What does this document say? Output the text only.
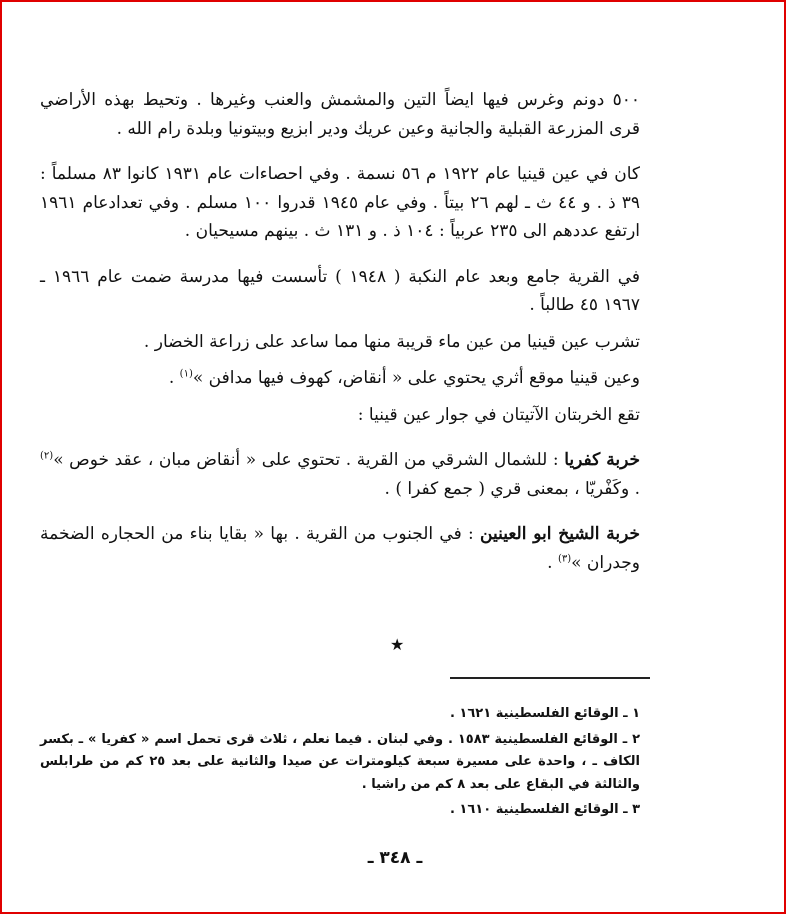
٥٠٠ دونم وغرس فيها ايضاً التين والمشمش والعنب وغيرها . وتحيط بهذه الأراضي قرى المزرعة القبلية والجانية وعين عريك ودير ابزيع وبيتونيا وبلدة رام الله .

كان في عين قينيا عام ١٩٢٢ م ٥٦ نسمة . وفي احصاءات عام ١٩٣١ كانوا ٨٣ مسلماً : ٣٩ ذ . و ٤٤ ث ـ لهم ٢٦ بيتاً . وفي عام ١٩٤٥ قدروا ١٠٠ مسلم . وفي تعدادعام ١٩٦١ ارتفع عددهم الى ٢٣٥ عربياً : ١٠٤ ذ . و ١٣١ ث . بينهم مسيحيان .

في القرية جامع وبعد عام النكبة ( ١٩٤٨ ) تأسست فيها مدرسة ضمت عام ١٩٦٦ ـ ١٩٦٧ ٤٥ طالباً .

تشرب عين قينيا من عين ماء قريبة منها مما ساعد على زراعة الخضار .

وعين قينيا موقع أثري يحتوي على « أنقاض، كهوف فيها مدافن »$^{(١)}$ .

تقع الخربتان الآتيتان في جوار عين قينيا :

خربة كفريا : للشمال الشرقي من القرية . تحتوي على « أنقاض مبان ، عقد خوص »$^{(٢)}$ . وكَفْريّا ، بمعنى قري ( جمع كفرا ) .

خربة الشيخ ابو العينين : في الجنوب من القرية . بها « بقايا بناء من الحجاره الضخمة وجدران »$^{(٣)}$ .

★

١ ـ الوقائع الفلسطينية ١٦٢١ .

٢ ـ الوقائع الفلسطينية ١٥٨٣ . وفي لبنان . فيما نعلم ، ثلاث قرى تحمل اسم « كفريا » ـ بكسر الكاف ـ ، واحدة على مسيرة سبعة كيلومترات عن صيدا والثانية على بعد ٢٥ كم من طرابلس والثالثة في البقاع على بعد ٨ كم من راشيا .

٣ ـ الوقائع الفلسطينية ١٦١٠ .

ـ ٣٤٨ ـ
